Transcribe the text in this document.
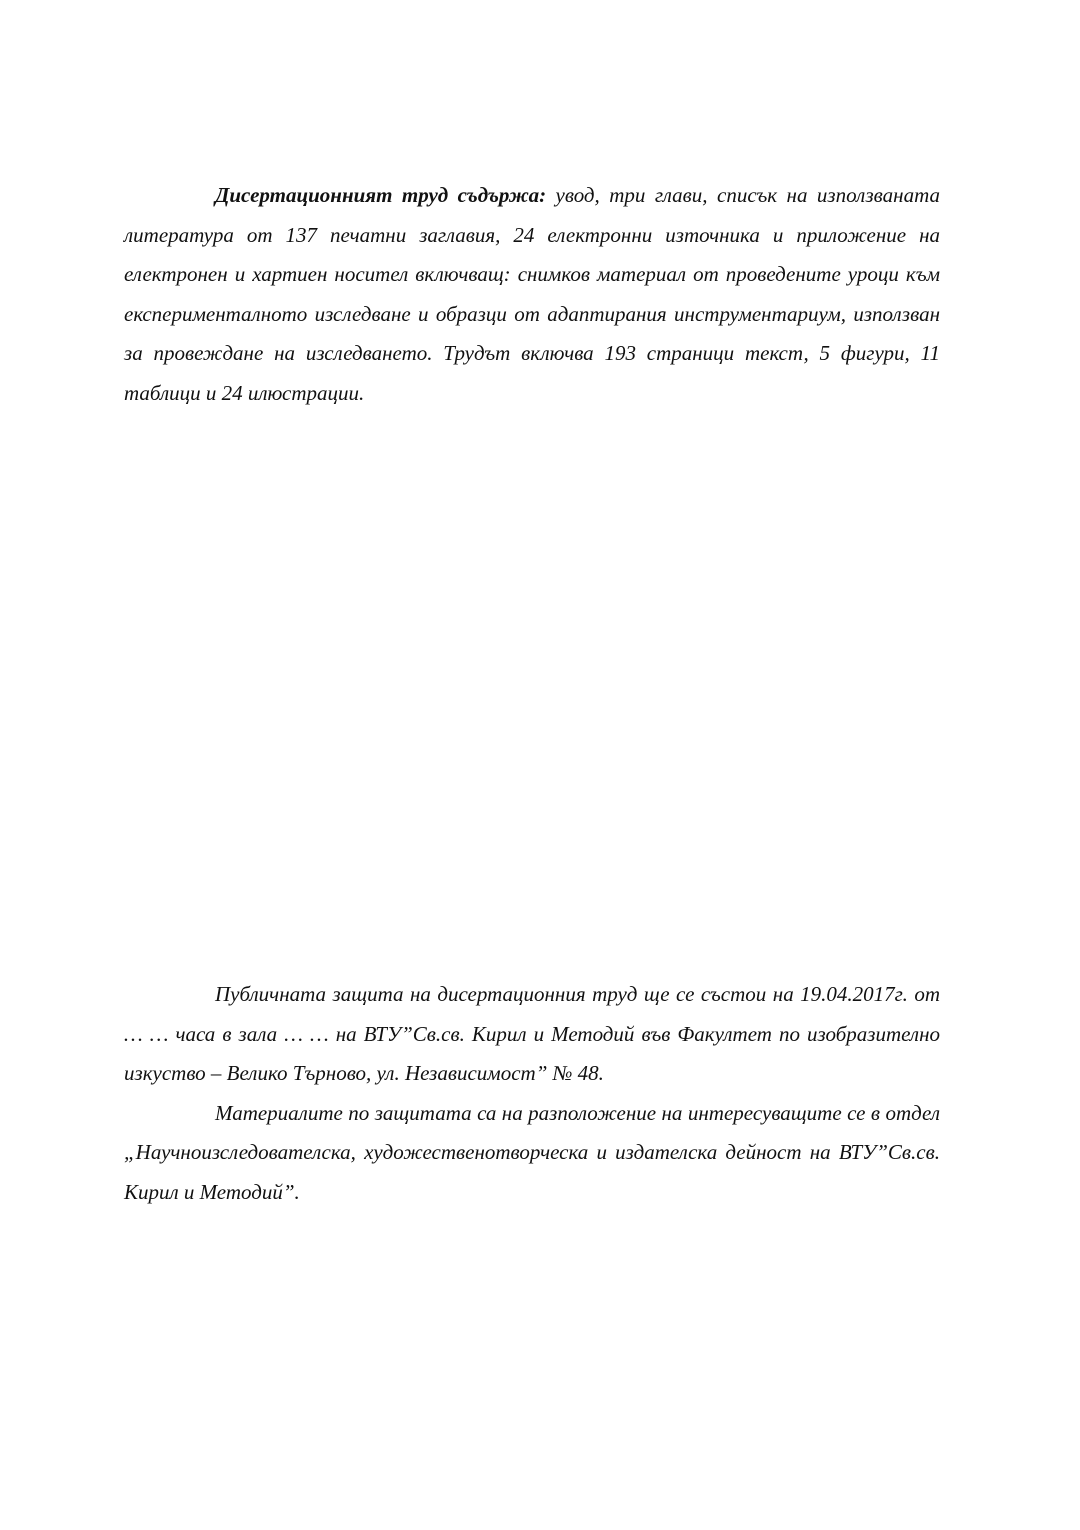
Дисертационният труд съдържа: увод, три глави, списък на използваната литература от 137 печатни заглавия, 24 електронни източника и приложение на електронен и хартиен носител включващ: снимков материал от проведените уроци към експерименталното изследване и образци от адаптирания инструментариум, използван за провеждане на изследването. Трудът включва 193 страници текст, 5 фигури, 11 таблици и 24 илюстрации.

Публичната защита на дисертационния труд ще се състои на 19.04.2017г. от … … часа в зала … … на ВТУ”Св.св. Кирил и Методий във Факултет по изобразително изкуство – Велико Търново, ул. Независимост” № 48.

Материалите по защитата са на разположение на интересуващите се в отдел „Научноизследователска, художественотворческа и издателска дейност на ВТУ”Св.св. Кирил и Методий”.
